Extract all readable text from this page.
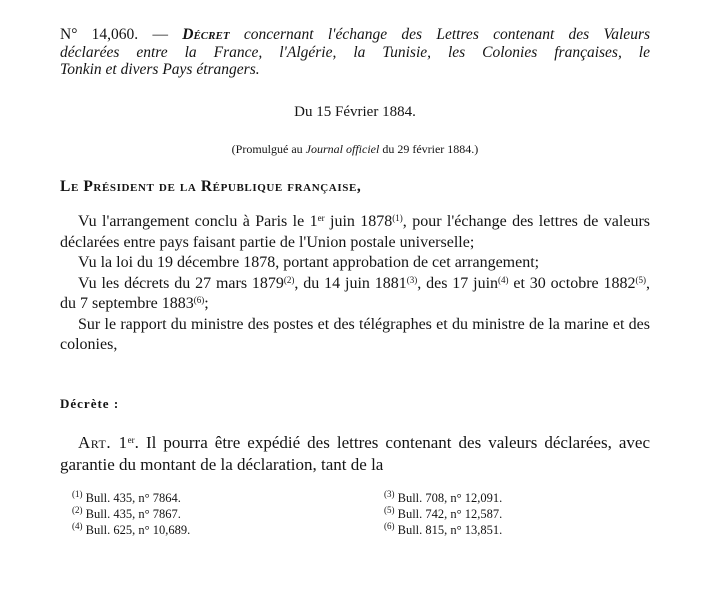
N° 14,060. — Décret concernant l'échange des Lettres contenant des Valeurs
déclarées entre la France, l'Algérie, la Tunisie, les Colonies françaises, le
Tonkin et divers Pays étrangers.
Du 15 Février 1884.
(Promulgué au Journal officiel du 29 février 1884.)
Le Président de la République française,

Vu l'arrangement conclu à Paris le 1er juin 1878$^{(1)}$, pour l'échange des lettres de valeurs déclarées entre pays faisant partie de l'Union postale universelle;

Vu la loi du 19 décembre 1878, portant approbation de cet arrangement;

Vu les décrets du 27 mars 1879$^{(2)}$, du 14 juin 1881$^{(3)}$, des 17 juin$^{(4)}$ et 30 octobre 1882$^{(5)}$, du 7 septembre 1883$^{(6)}$;

Sur le rapport du ministre des postes et des télégraphes et du ministre de la marine et des colonies,

Décrète :

Art. 1er. Il pourra être expédié des lettres contenant des valeurs déclarées, avec garantie du montant de la déclaration, tant de la

$^{(1)}$ Bull. 435, n° 7864.
$^{(2)}$ Bull. 435, n° 7867.
$^{(4)}$ Bull. 625, n° 10,689.
$^{(3)}$ Bull. 708, n° 12,091.
$^{(5)}$ Bull. 742, n° 12,587.
$^{(6)}$ Bull. 815, n° 13,851.
